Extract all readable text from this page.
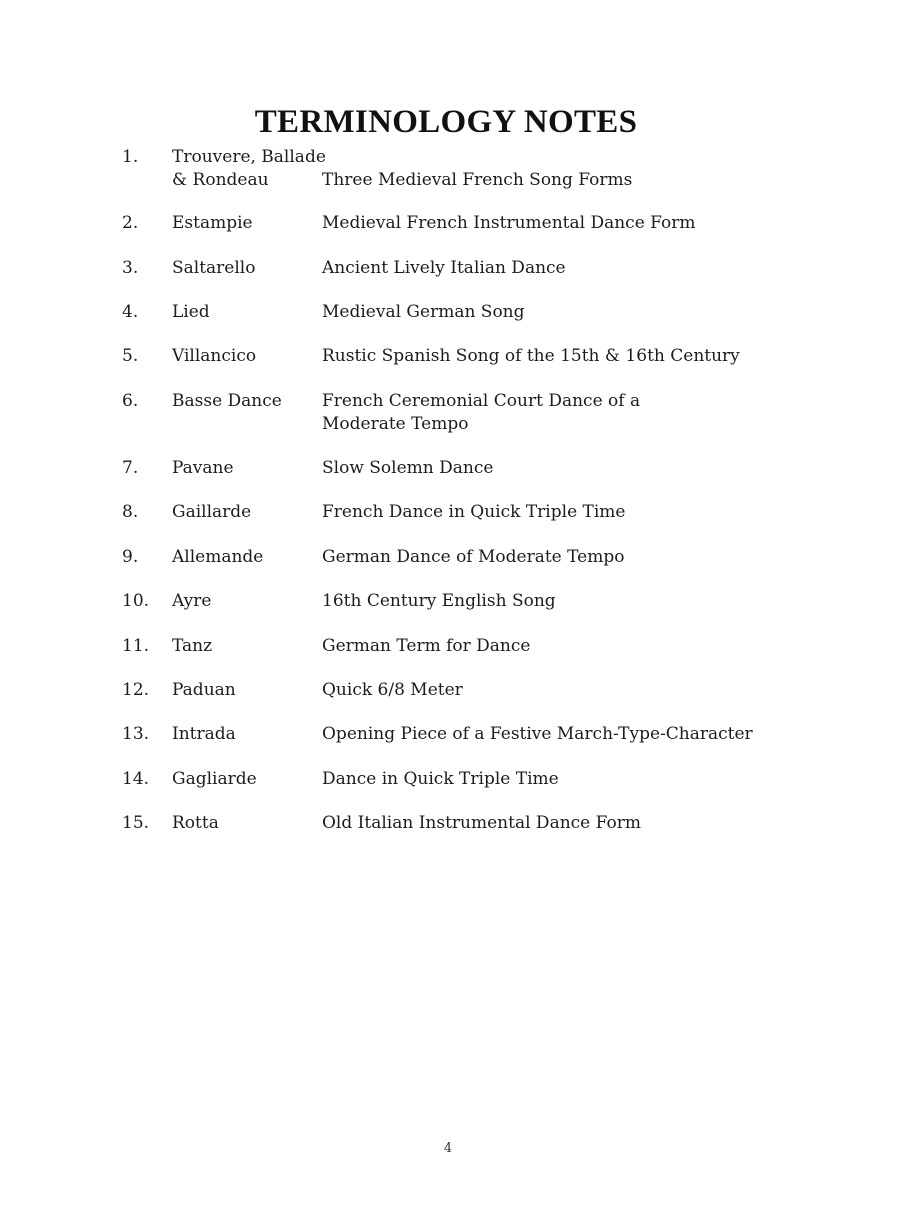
TERMINOLOGY NOTES
1. Trouvere, Ballade
& Rondeau	Three Medieval French Song Forms
2. Estampie	Medieval French Instrumental Dance Form
3. Saltarello	Ancient Lively Italian Dance
4. Lied	Medieval German Song
5. Villancico	Rustic Spanish Song of the 15th & 16th Century
6. Basse Dance	French Ceremonial Court Dance of a Moderate Tempo
7. Pavane	Slow Solemn Dance
8. Gaillarde	French Dance in Quick Triple Time
9. Allemande	German Dance of Moderate Tempo
10. Ayre	16th Century English Song
11. Tanz	German Term for Dance
12. Paduan	Quick 6/8 Meter
13. Intrada	Opening Piece of a Festive March-Type-Character
14. Gagliarde	Dance in Quick Triple Time
15. Rotta	Old Italian Instrumental Dance Form
4
